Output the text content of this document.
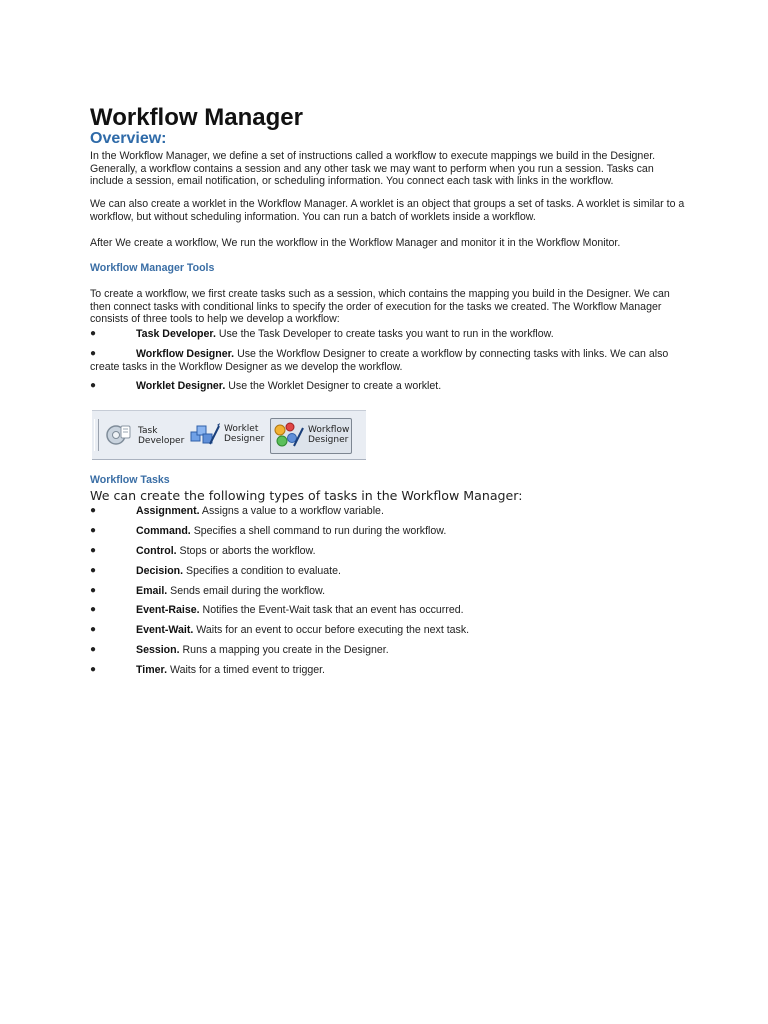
Workflow Manager
Overview:
In the Workflow Manager, we define a set of instructions called a workflow to execute mappings we build in the Designer. Generally, a workflow contains a session and any other task we may want to perform when you run a session. Tasks can include a session, email notification, or scheduling information. You connect each task with links in the workflow.
We can also create a worklet in the Workflow Manager. A worklet is an object that groups a set of tasks. A worklet is similar to a workflow, but without scheduling information. You can run a batch of worklets inside a workflow.
After We create a workflow, We run the workflow in the Workflow Manager and monitor it in the Workflow Monitor.
Workflow Manager Tools
To create a workflow, we first create tasks such as a session, which contains the mapping you build in the Designer. We can then connect tasks with conditional links to specify the order of execution for the tasks we created. The Workflow Manager consists of three tools to help we develop a workflow:
●	Task Developer. Use the Task Developer to create tasks you want to run in the workflow.
●	Workflow Designer. Use the Workflow Designer to create a workflow by connecting tasks with links. We can also create tasks in the Workflow Designer as we develop the workflow.
●	Worklet Designer. Use the Worklet Designer to create a worklet.
Task
Developer
Worklet
Designer
Workflow
Designer
Workflow Tasks
We can create the following types of tasks in the Workflow Manager:
●	Assignment. Assigns a value to a workflow variable.
●	Command. Specifies a shell command to run during the workflow.
●	Control. Stops or aborts the workflow.
●	Decision. Specifies a condition to evaluate.
●	Email. Sends email during the workflow.
●	Event-Raise. Notifies the Event-Wait task that an event has occurred.
●	Event-Wait. Waits for an event to occur before executing the next task.
●	Session. Runs a mapping you create in the Designer.
●	Timer. Waits for a timed event to trigger.
